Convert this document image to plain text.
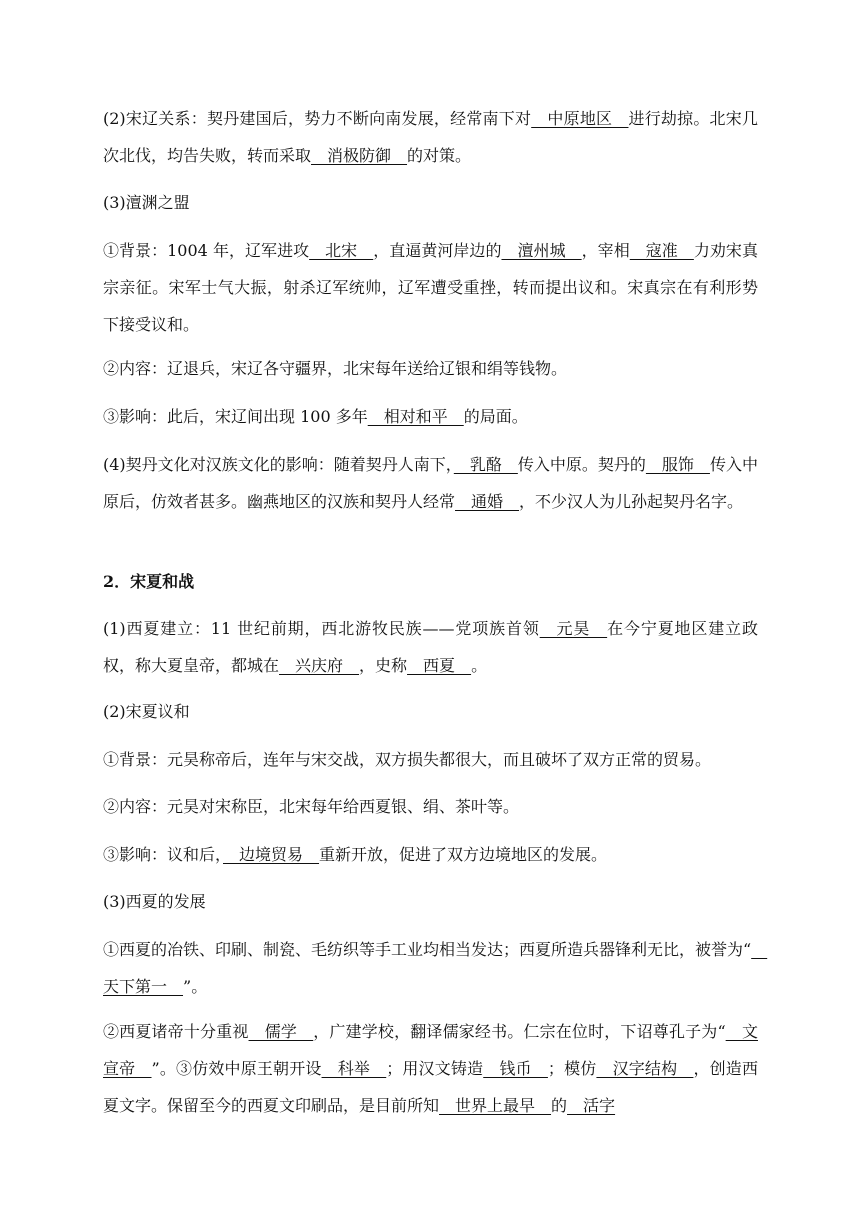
(2)宋辽关系：契丹建国后，势力不断向南发展，经常南下对　中原地区　进行劫掠。北宋几次北伐，均告失败，转而采取　消极防御　的对策。
(3)澶渊之盟
①背景：1004 年，辽军进攻　北宋　，直逼黄河岸边的　澶州城　，宰相　寇准　力劝宋真宗亲征。宋军士气大振，射杀辽军统帅，辽军遭受重挫，转而提出议和。宋真宗在有利形势下接受议和。
②内容：辽退兵，宋辽各守疆界，北宋每年送给辽银和绢等钱物。
③影响：此后，宋辽间出现 100 多年　相对和平　的局面。
(4)契丹文化对汉族文化的影响：随着契丹人南下，　乳酪　传入中原。契丹的　服饰　传入中原后，仿效者甚多。幽燕地区的汉族和契丹人经常　通婚　，不少汉人为儿孙起契丹名字。
2．宋夏和战
(1)西夏建立：11 世纪前期，西北游牧民族——党项族首领　元昊　在今宁夏地区建立政权，称大夏皇帝，都城在　兴庆府　，史称　西夏　。
(2)宋夏议和
①背景：元昊称帝后，连年与宋交战，双方损失都很大，而且破坏了双方正常的贸易。
②内容：元昊对宋称臣，北宋每年给西夏银、绢、茶叶等。
③影响：议和后，　边境贸易　重新开放，促进了双方边境地区的发展。
(3)西夏的发展
①西夏的冶铁、印刷、制瓷、毛纺织等手工业均相当发达；西夏所造兵器锋利无比，被誉为“　天下第一　”。
②西夏诸帝十分重视　儒学　，广建学校，翻译儒家经书。仁宗在位时，下诏尊孔子为“　文宣帝　”。③仿效中原王朝开设　科举　；用汉文铸造　钱币　；模仿　汉字结构　，创造西夏文字。保留至今的西夏文印刷品，是目前所知　世界上最早　的　活字
